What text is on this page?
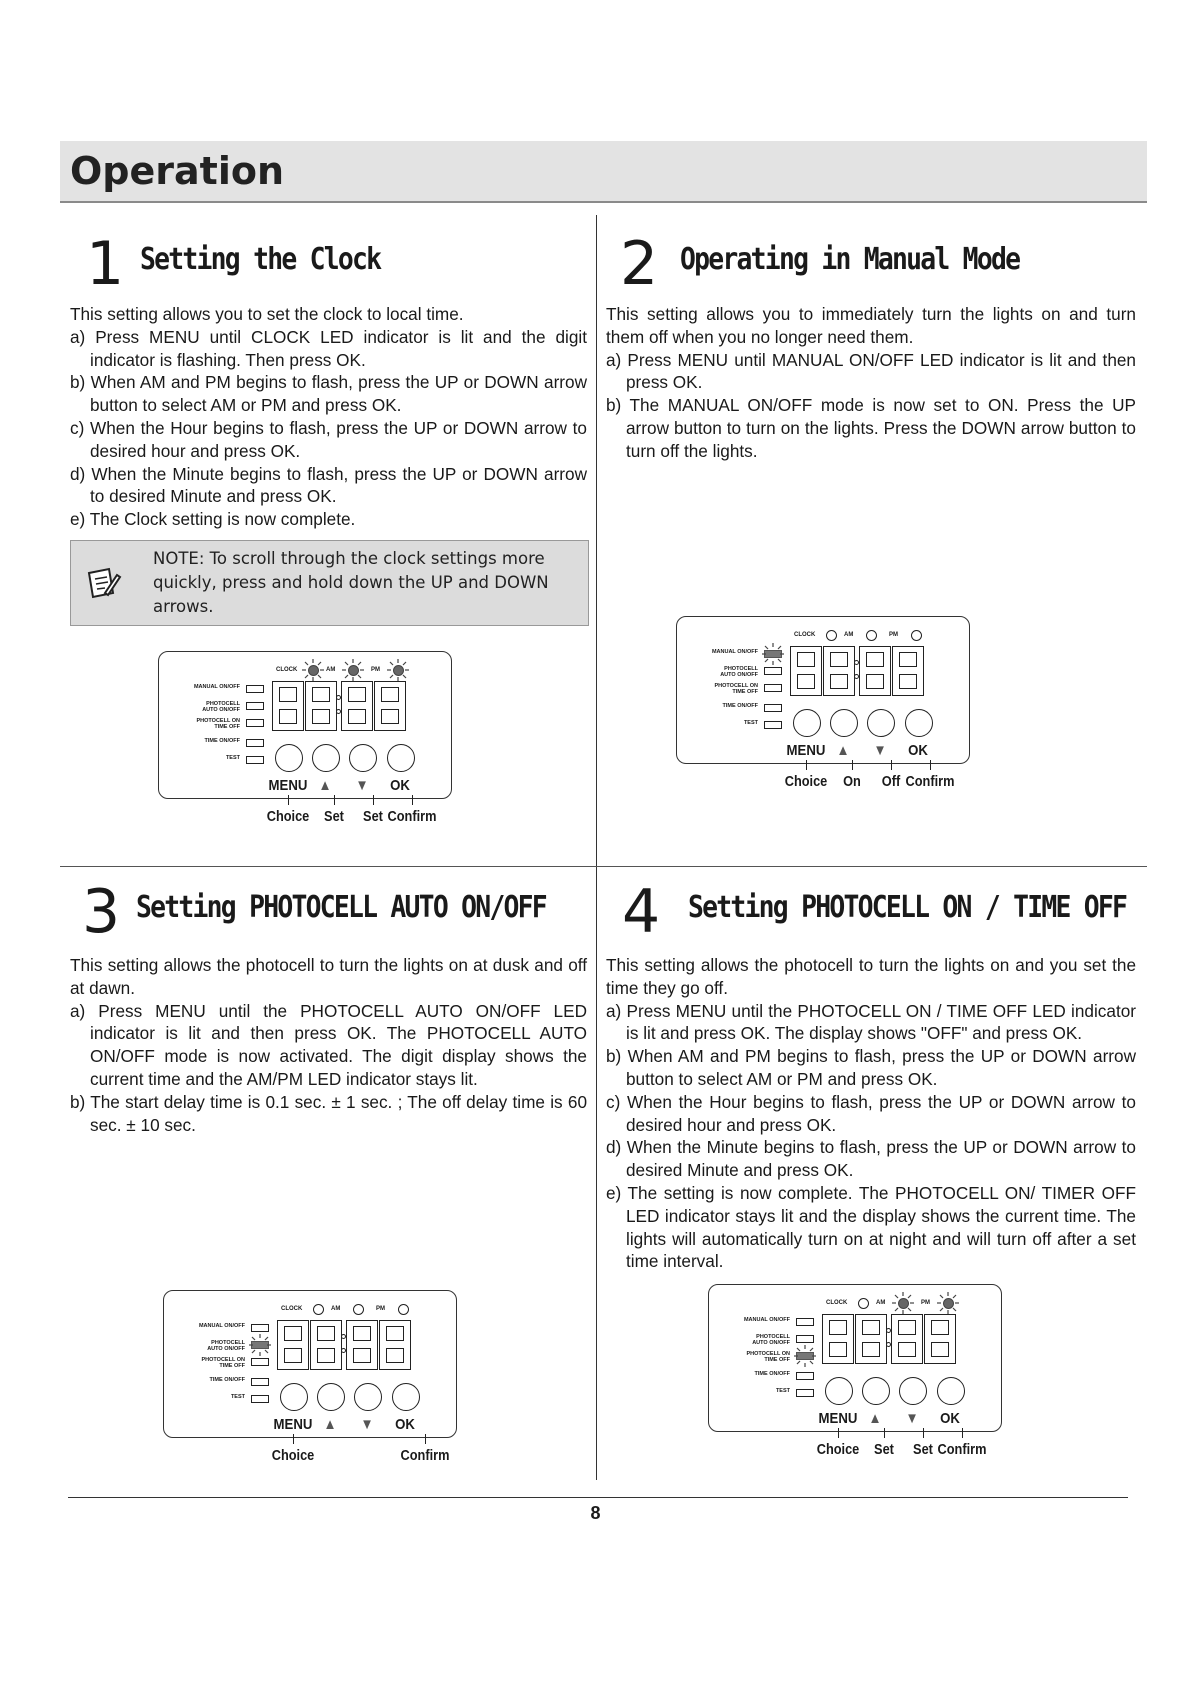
Operation
1 Setting the Clock

This setting allows you to set the clock to local time.

a) Press MENU until CLOCK LED indicator is lit and the digit indicator is flashing. Then press OK.

b) When AM and PM begins to flash, press the UP or DOWN arrow button to select AM or PM and press OK.

c) When the Hour begins to flash, press the UP or DOWN arrow to desired hour and press OK.

d) When the Minute begins to flash, press the UP or DOWN arrow to desired Minute and press OK.

e) The Clock setting is now complete.

NOTE: To scroll through the clock settings more quickly, press and hold down the UP and DOWN arrows.
2 Operating in Manual Mode

This setting allows you to immediately turn the lights on and turn them off when you no longer need them.

a) Press MENU until MANUAL ON/OFF LED indicator is lit and then press OK.

b) The MANUAL ON/OFF mode is now set to ON. Press the UP arrow button to turn on the lights. Press the DOWN arrow button to turn off the lights.

3 Setting PHOTOCELL AUTO ON/OFF

This setting allows the photocell to turn the lights on at dusk and off at dawn.

a) Press MENU until the PHOTOCELL AUTO ON/OFF LED indicator is lit and then press OK. The PHOTOCELL AUTO ON/OFF mode is now activated. The digit display shows the current time and the AM/PM LED indicator stays lit.

b) The start delay time is 0.1 sec. ± 1 sec. ; The off delay time is 60 sec. ± 10 sec.

4 Setting PHOTOCELL ON / TIME OFF

This setting allows the photocell to turn the lights on and you set the time they go off.

a) Press MENU until the PHOTOCELL ON / TIME OFF LED indicator is lit and press OK. The display shows "OFF" and press OK.

b) When AM and PM begins to flash, press the UP or DOWN arrow button to select AM or PM and press OK.

c) When the Hour begins to flash, press the UP or DOWN arrow to desired hour and press OK.

d) When the Minute begins to flash, press the UP or DOWN arrow to desired Minute and press OK.

e) The setting is now complete. The PHOTOCELL ON/ TIMER OFF LED indicator stays lit and the display shows the current time. The lights will automatically turn on at night and will turn off after a set time interval.

CLOCK	AM	PM
MANUAL ON/OFF
PHOTOCELL
AUTO ON/OFF
PHOTOCELL ON
TIME OFF
TIME ON/OFF
TEST
MENU ▲	▼	OK
Choice	Set	Set Confirm
CLOCK	AM	PM
MANUAL ON/OFF
PHOTOCELL
AUTO ON/OFF
PHOTOCELL ON
TIME OFF
TIME ON/OFF
TEST
MENU ▲	▼	OK
Choice	On	Off Confirm
CLOCK	AM	PM
MANUAL ON/OFF
PHOTOCELL
AUTO ON/OFF
PHOTOCELL ON
TIME OFF
TIME ON/OFF
TEST
MENU ▲	▼	OK
Choice	Confirm
CLOCK	AM	PM
MANUAL ON/OFF
PHOTOCELL
AUTO ON/OFF
PHOTOCELL ON
TIME OFF
TIME ON/OFF
TEST
MENU ▲	▼	OK
Choice	Set	Set Confirm
8
